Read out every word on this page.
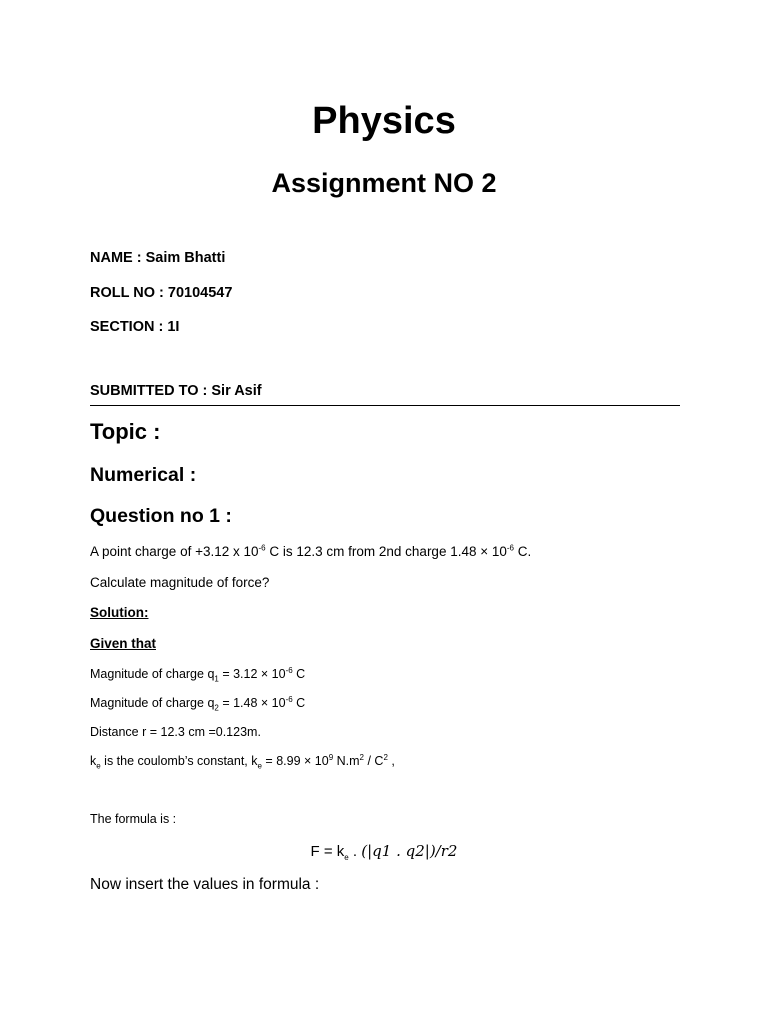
Physics
Assignment NO 2
NAME : Saim Bhatti
ROLL NO : 70104547
SECTION : 1I
SUBMITTED TO : Sir Asif
Topic :
Numerical :
Question no 1 :
A point charge of +3.12 x $10^{-6}$ C is 12.3 cm from 2nd charge $1.48 \times 10^{-6}$ C.
Calculate magnitude of force?
Solution:
Given that
Magnitude of charge $q_1 = 3.12 \times 10^{-6}$ C
Magnitude of charge $q_2 = 1.48 \times 10^{-6}$ C
Distance r = 12.3 cm =0.123m.
$k_e$ is the coulomb’s constant, $k_e = 8.99 \times 10^9$ $N.m^2 / C^2$ ,
The formula is :
$F = k_e$ . (|q1 . q2|)/r2
Now insert the values in formula :
